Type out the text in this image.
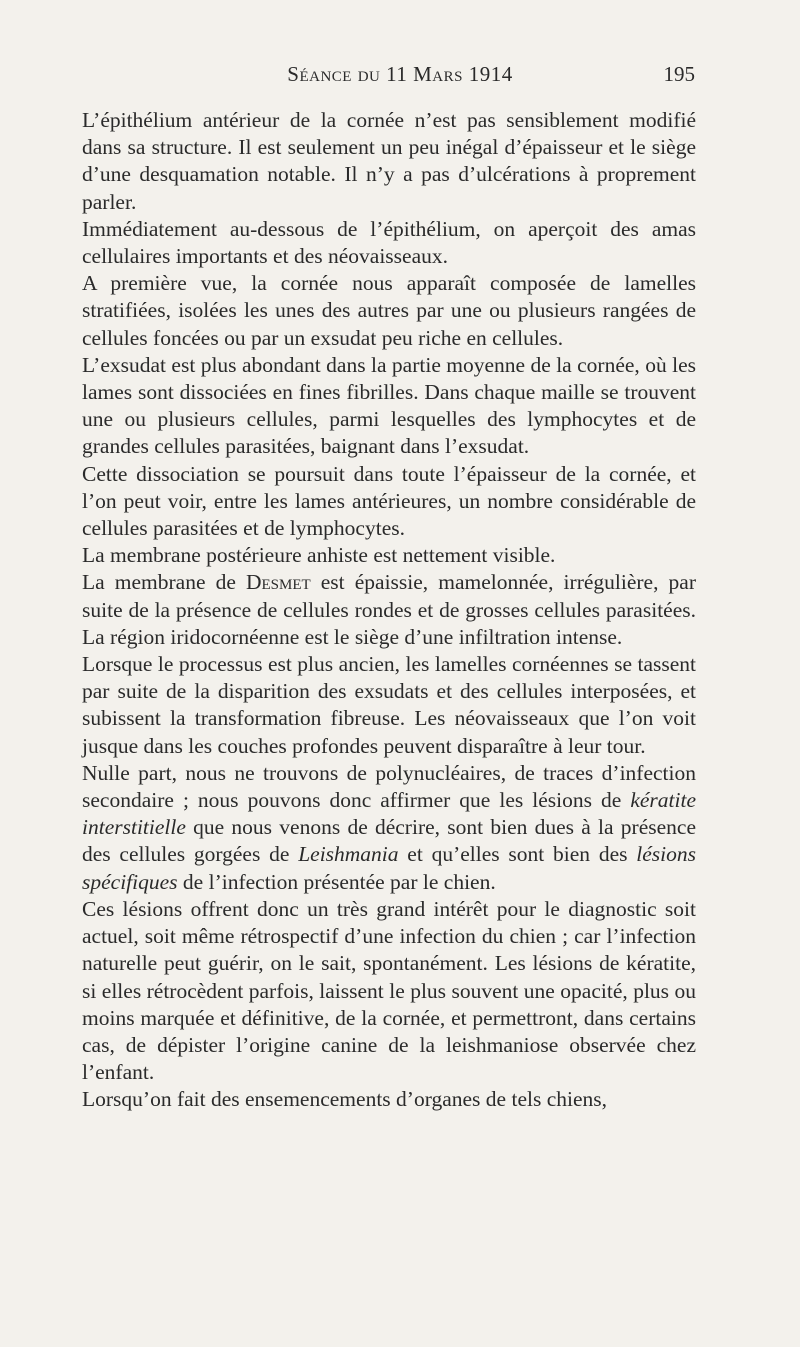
Séance du 11 Mars 1914	195

L’épithélium antérieur de la cornée n’est pas sensiblement modifié dans sa structure. Il est seulement un peu inégal d’épaisseur et le siège d’une desquamation notable. Il n’y a pas d’ulcérations à proprement parler.

Immédiatement au-dessous de l’épithélium, on aperçoit des amas cellulaires importants et des néovaisseaux.

A première vue, la cornée nous apparaît composée de lamelles stratifiées, isolées les unes des autres par une ou plusieurs rangées de cellules foncées ou par un exsudat peu riche en cellules.

L’exsudat est plus abondant dans la partie moyenne de la cornée, où les lames sont dissociées en fines fibrilles. Dans chaque maille se trouvent une ou plusieurs cellules, parmi lesquelles des lymphocytes et de grandes cellules parasitées, baignant dans l’exsudat.

Cette dissociation se poursuit dans toute l’épaisseur de la cornée, et l’on peut voir, entre les lames antérieures, un nombre considérable de cellules parasitées et de lymphocytes.

La membrane postérieure anhiste est nettement visible.

La membrane de Desmet est épaissie, mamelonnée, irrégulière, par suite de la présence de cellules rondes et de grosses cellules parasitées. La région iridocornéenne est le siège d’une infiltration intense.

Lorsque le processus est plus ancien, les lamelles cornéennes se tassent par suite de la disparition des exsudats et des cellules interposées, et subissent la transformation fibreuse. Les néovaisseaux que l’on voit jusque dans les couches profondes peuvent disparaître à leur tour.

Nulle part, nous ne trouvons de polynucléaires, de traces d’infection secondaire ; nous pouvons donc affirmer que les lésions de kératite interstitielle que nous venons de décrire, sont bien dues à la présence des cellules gorgées de Leishmania et qu’elles sont bien des lésions spécifiques de l’infection présentée par le chien.

Ces lésions offrent donc un très grand intérêt pour le diagnostic soit actuel, soit même rétrospectif d’une infection du chien ; car l’infection naturelle peut guérir, on le sait, spontanément. Les lésions de kératite, si elles rétrocèdent parfois, laissent le plus souvent une opacité, plus ou moins marquée et définitive, de la cornée, et permettront, dans certains cas, de dépister l’origine canine de la leishmaniose observée chez l’enfant.

Lorsqu’on fait des ensemencements d’organes de tels chiens,
